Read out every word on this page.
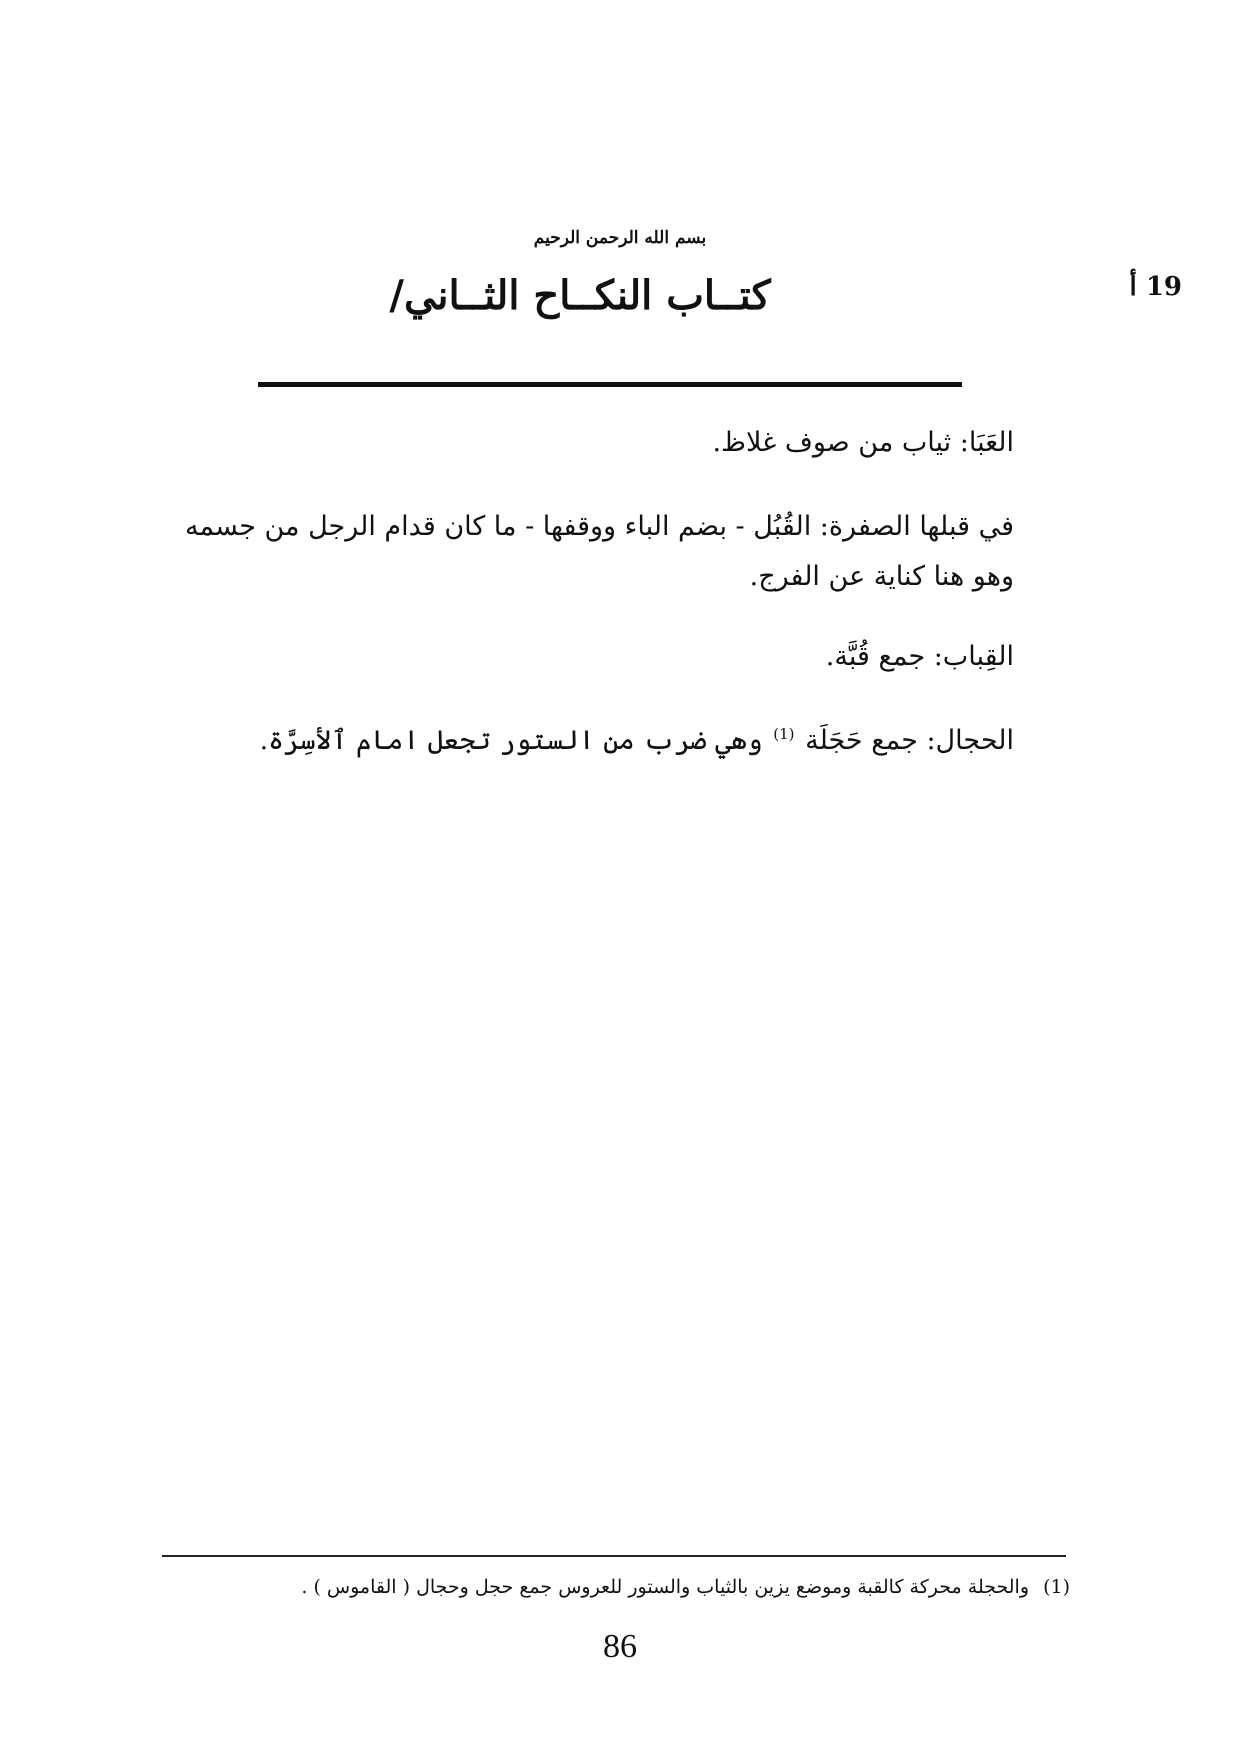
بسم الله الرحمن الرحيم
كتــاب النكــاح الثــاني/	19 أ

العَبَا: ثياب من صوف غلاظ.

في قبلها الصفرة: القُبُل - بضم الباء ووقفها - ما كان قدام الرجل من جسمه وهو هنا كناية عن الفرج.

القِباب: جمع قُبَّة.

الحجال: جمع حَجَلَة $^{(1)}$ وهي ضرب من الستور تجعل امام ٱلأسِرَّة.

(1) والحجلة محركة كالقبة وموضع يزين بالثياب والستور للعروس جمع حجل وحجال ( القاموس ) .
86
